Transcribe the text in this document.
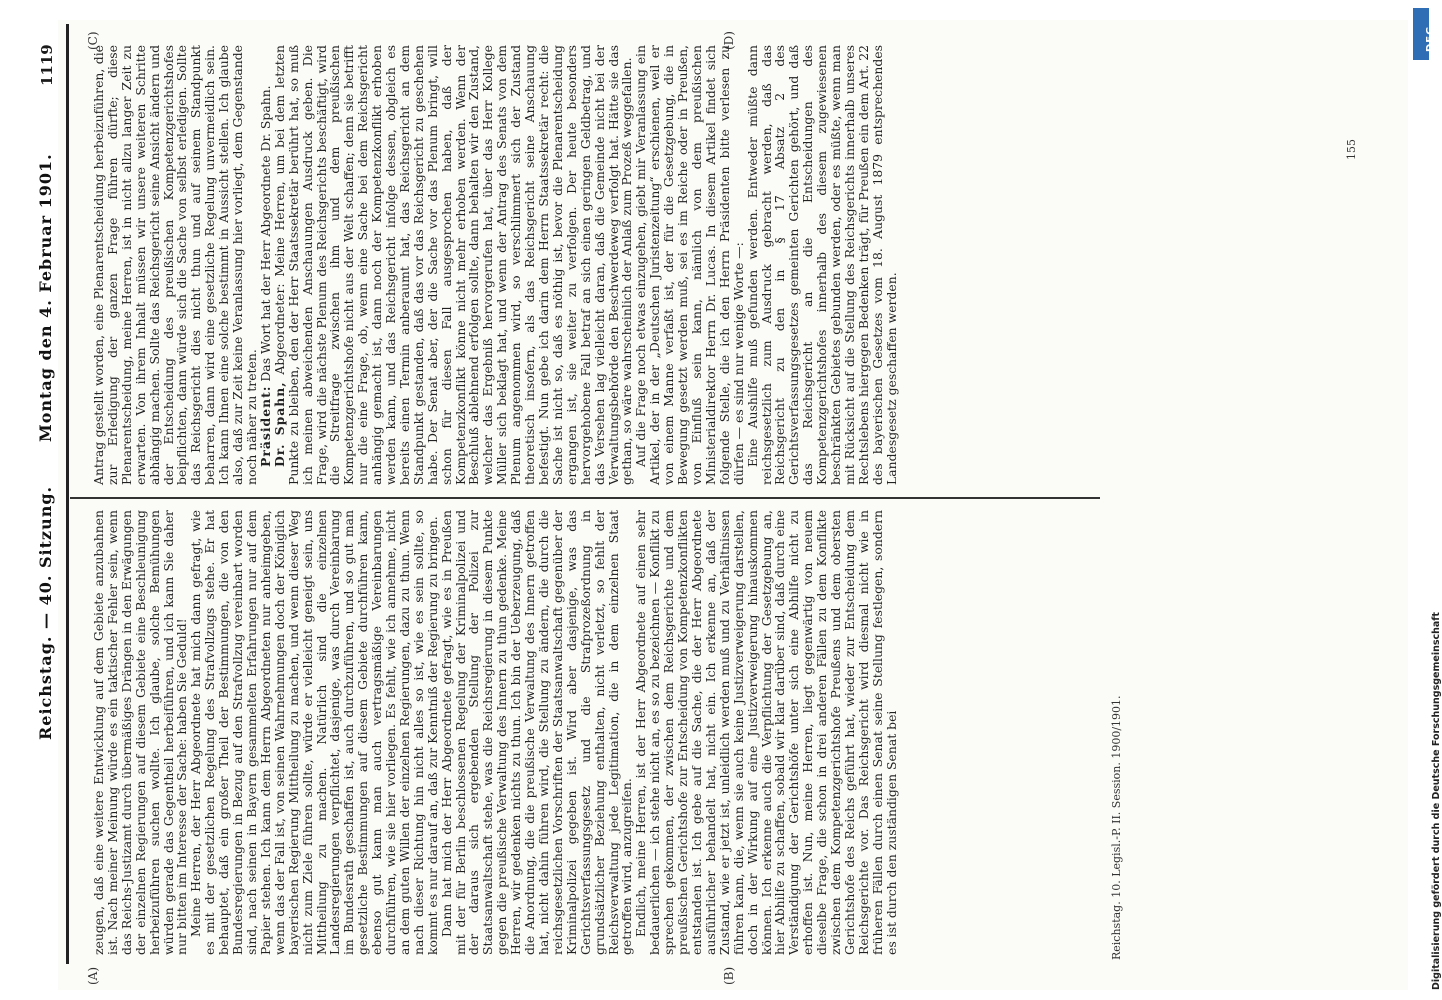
Reichstag. — 40. Sitzung.
Montag den 4. Februar 1901.
1119
(A)	(B)
(C)	(D)

zeugen, daß eine weitere Entwicklung auf dem Gebiete anzubahnen ist. Nach meiner Meinung würde es ein taktischer Fehler sein, wenn das Reichs-Justizamt durch übermäßiges Drängen in den Erwägungen der einzelnen Regierungen auf diesem Gebiete eine Beschleunigung herbeizuführen suchen wollte. Ich glaube, solche Bemühungen würden gerade das Gegentheil herbeiführen, und ich kann Sie daher nur bitten im Interesse der Sache: haben Sie Geduld!

Meine Herren, der Herr Abgeordnete hat mich dann gefragt, wie es mit der gesetzlichen Regelung des Strafvollzugs stehe. Er hat behauptet, daß ein großer Theil der Bestimmungen, die von den Bundesregierungen in Bezug auf den Strafvollzug vereinbart worden sind, nach seinen in Bayern gesammelten Erfahrungen nur auf dem Papier stehen. Ich kann dem Herrn Abgeordneten nur anheimgeben, wenn das der Fall ist, von seinen Wahrnehmungen doch der Königlich bayerischen Regierung Mittheilung zu machen, und wenn dieser Weg nicht zum Ziele führen sollte, würde er vielleicht geneigt sein, uns Mittheilung zu machen. Natürlich sind die einzelnen Landesregierungen verpflichtet, dasjenige, was durch Vereinbarung im Bundesrath geschaffen ist, auch durchzuführen, und so gut man gesetzliche Bestimmungen auf diesem Gebiete durchführen kann, ebenso gut kann man auch vertragsmäßige Vereinbarungen durchführen, wie sie hier vorliegen. Es fehlt, wie ich annehme, nicht an dem guten Willen der einzelnen Regierungen, dazu zu thun. Wenn nach dieser Richtung hin nicht alles so ist, wie es sein sollte, so kommt es nur darauf an, daß zur Kenntniß der Regierung zu bringen.

Dann hat mich der Herr Abgeordnete gefragt, wie es in Preußen mit der für Berlin beschlossenen Regelung der Kriminalpolizei und der daraus sich ergebenden Stellung der Polizei zur Staatsanwaltschaft stehe, was die Reichsregierung in diesem Punkte gegen die preußische Verwaltung des Innern zu thun gedenke. Meine Herren, wir gedenken nichts zu thun. Ich bin der Ueberzeugung, daß die Anordnung, die die preußische Verwaltung des Innern getroffen hat, nicht dahin führen wird, die Stellung zu ändern, die durch die reichsgesetzlichen Vorschriften der Staatsanwaltschaft gegenüber der Kriminalpolizei gegeben ist. Wird aber dasjenige, was das Gerichtsverfassungsgesetz und die Strafprozeßordnung in grundsätzlicher Beziehung enthalten, nicht verletzt, so fehlt der Reichsverwaltung jede Legitimation, die in dem einzelnen Staat getroffen wird, anzugreifen.

Endlich, meine Herren, ist der Herr Abgeordnete auf einen sehr bedauerlichen — ich stehe nicht an, es so zu bezeichnen — Konflikt zu sprechen gekommen, der zwischen dem Reichsgerichte und dem preußischen Gerichtshofe zur Entscheidung von Kompetenzkonflikten entstanden ist. Ich gebe auf die Sache, die der Herr Abgeordnete ausführlicher behandelt hat, nicht ein. Ich erkenne an, daß der Zustand, wie er jetzt ist, unleidlich werden muß und zu Verhältnissen führen kann, die, wenn sie auch keine Justizverweigerung darstellen, doch in der Wirkung auf eine Justizverweigerung hinauskommen können. Ich erkenne auch die Verpflichtung der Gesetzgebung an, hier Abhilfe zu schaffen, sobald wir klar darüber sind, daß durch eine Verständigung der Gerichtshöfe unter sich eine Abhilfe nicht zu erhoffen ist. Nun, meine Herren, liegt gegenwärtig von neuem dieselbe Frage, die schon in drei anderen Fällen zu dem Konflikte zwischen dem Kompetenzgerichtshofe Preußens und dem obersten Gerichtshofe des Reichs geführt hat, wieder zur Entscheidung dem Reichsgerichte vor. Das Reichsgericht wird diesmal nicht wie in früheren Fällen durch einen Senat seine Stellung festlegen, sondern es ist durch den zuständigen Senat bei

Antrag gestellt worden, eine Plenarentscheidung herbeizuführen, die zur Erledigung der ganzen Frage führen dürfte; diese Plenarentscheidung, meine Herren, ist in nicht allzu langer Zeit zu erwarten. Von ihrem Inhalt müssen wir unsere weiteren Schritte abhängig machen. Sollte das Reichsgericht seine Ansicht ändern und der Entscheidung des preußischen Kompetenzgerichtshofes beipflichten, dann würde sich die Sache von selbst erledigen. Sollte das Reichsgericht dies nicht thun und auf seinem Standpunkt beharren, dann wird eine gesetzliche Regelung unvermeidlich sein. Ich kann Ihnen eine solche bestimmt in Aussicht stellen. Ich glaube also, daß zur Zeit keine Veranlassung hier vorliegt, dem Gegenstande noch näher zu treten.

Präsident: Das Wort hat der Herr Abgeordnete Dr. Spahn.

Dr. Spahn, Abgeordneter: Meine Herren, um bei dem letzten Punkte zu bleiben, den der Herr Staatssekretär berührt hat, so muß ich meinen abweichenden Anschauungen Ausdruck geben. Die Frage, wird die nächste Plenum des Reichsgerichts beschäftigt, wird die Streitfrage zwischen ihm und dem preußischen Kompetenzgerichtshofe nicht aus der Welt schaffen; denn sie betrifft nur die eine Frage, ob, wenn eine Sache bei dem Reichsgericht anhängig gemacht ist, dann noch der Kompetenzkonflikt erhoben werden kann, und das Reichsgericht infolge dessen, obgleich es bereits einen Termin anberaumt hat, das Reichsgericht an dem Standpunkt gestanden, daß das vor das Reichsgericht zu geschehen habe. Der Senat aber, der die Sache vor das Plenum bringt, will schon für diesen Fall ausgesprochen haben, daß der Kompetenzkonflikt könne nicht mehr erhoben werden. Wenn der Beschluß ablehnend erfolgen sollte, dann behalten wir den Zustand, welcher das Ergebniß hervorgerufen hat, über das Herr Kollege Müller sich beklagt hat, und wenn der Antrag des Senats von dem Plenum angenommen wird, so verschlimmert sich der Zustand theoretisch insofern, als das Reichsgericht seine Anschauung befestigt. Nun gebe ich darin dem Herrn Staatssekretär recht: die Sache ist nicht so, daß es nöthig ist, bevor die Plenarentscheidung ergangen ist, sie weiter zu verfolgen. Der heute besonders hervorgehobene Fall betraf an sich einen geringen Geldbetrag, und das Versehen lag vielleicht daran, daß die Gemeinde nicht bei der Verwaltungsbehörde den Beschwerdeweg verfolgt hat. Hätte sie das gethan, so wäre wahrscheinlich der Anlaß zum Prozeß weggefallen.

Auf die Frage noch etwas einzugehen, giebt mir Veranlassung ein Artikel, der in der „Deutschen Juristenzeitung“ erschienen, weil er von einem Manne verfaßt ist, der für die Gesetzgebung, die in Bewegung gesetzt werden muß, sei es im Reiche oder in Preußen, von Einfluß sein kann, nämlich von dem preußischen Ministerialdirektor Herrn Dr. Lucas. In diesem Artikel findet sich folgende Stelle, die ich den Herrn Präsidenten bitte verlesen zu dürfen — es sind nur wenige Worte —:

Eine Aushilfe muß gefunden werden. Entweder müßte dann reichsgesetzlich zum Ausdruck gebracht werden, daß das Reichsgericht zu den in § 17 Absatz 2 des Gerichtsverfassungsgesetzes gemeinten Gerichten gehört, und daß das Reichsgericht an die Entscheidungen des Kompetenzgerichtshofes innerhalb des diesem zugewiesenen beschränkten Gebietes gebunden werden, oder es müßte, wenn man mit Rücksicht auf die Stellung des Reichsgerichts innerhalb unseres Rechtslebens hiergegen Bedenken trägt, für Preußen ein dem Art. 22 des bayerischen Gesetzes vom 18. August 1879 entsprechendes Landesgesetz geschaffen werden.

Reichstag. 10. Legisl.-P. II. Session. 1900/1901.
155
DFG
Digitalisierung gefördert durch die Deutsche Forschungsgemeinschaft
